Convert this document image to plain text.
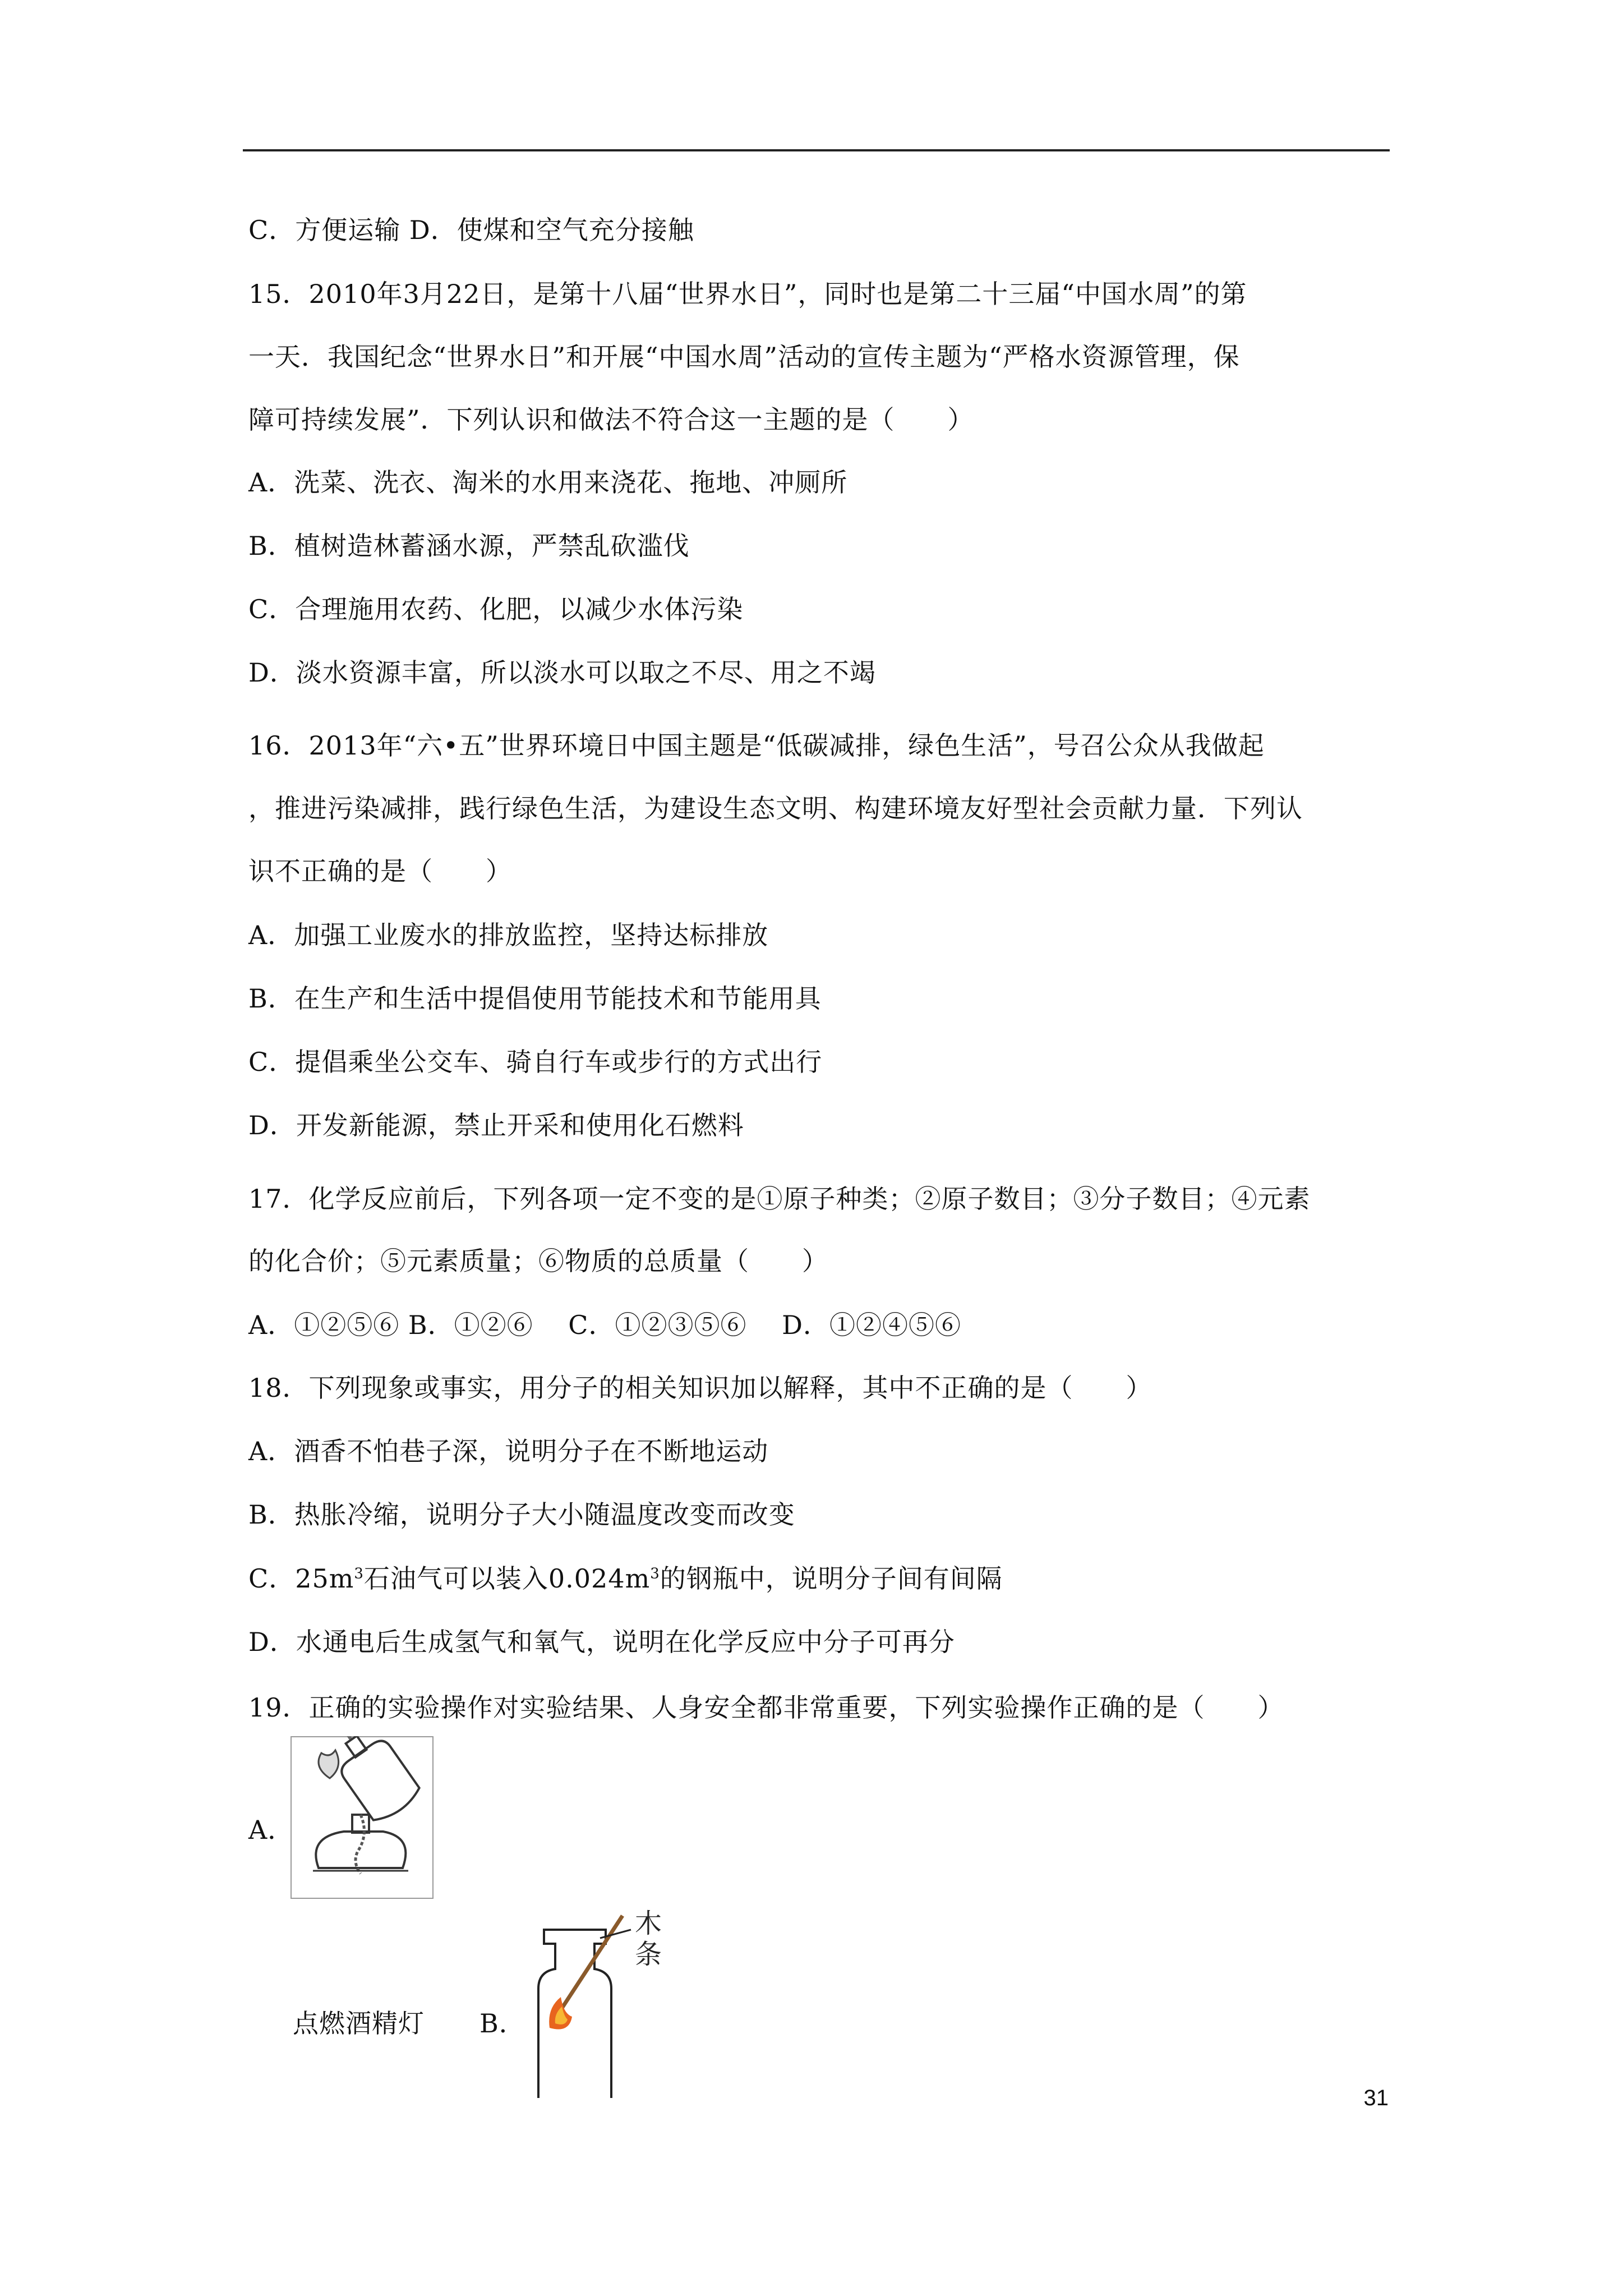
C．方便运输 D．使煤和空气充分接触
15．2010年3月22日，是第十八届“世界水日”，同时也是第二十三届“中国水周”的第
一天．我国纪念“世界水日”和开展“中国水周”活动的宣传主题为“严格水资源管理，保
障可持续发展”．下列认识和做法不符合这一主题的是（　　）
A．洗菜、洗衣、淘米的水用来浇花、拖地、冲厕所
B．植树造林蓄涵水源，严禁乱砍滥伐
C．合理施用农药、化肥，以减少水体污染
D．淡水资源丰富，所以淡水可以取之不尽、用之不竭
16．2013年“六•五”世界环境日中国主题是“低碳减排，绿色生活”，号召公众从我做起
，推进污染减排，践行绿色生活，为建设生态文明、构建环境友好型社会贡献力量．下列认
识不正确的是（　　）
A．加强工业废水的排放监控，坚持达标排放
B．在生产和生活中提倡使用节能技术和节能用具
C．提倡乘坐公交车、骑自行车或步行的方式出行
D．开发新能源，禁止开采和使用化石燃料
17．化学反应前后，下列各项一定不变的是①原子种类；②原子数目；③分子数目；④元素
的化合价；⑤元素质量；⑥物质的总质量（　　）
A．①②⑤⑥ B．①②⑥　 C．①②③⑤⑥　 D．①②④⑤⑥
18．下列现象或事实，用分子的相关知识加以解释，其中不正确的是（　　）
A．酒香不怕巷子深，说明分子在不断地运动
B．热胀冷缩，说明分子大小随温度改变而改变
C．$25m^3$石油气可以装入$0.024m^3$的钢瓶中，说明分子间有间隔
D．水通电后生成氢气和氧气，说明在化学反应中分子可再分
19．正确的实验操作对实验结果、人身安全都非常重要，下列实验操作正确的是（　　）
A．
点燃酒精灯 B．
木
条
31
